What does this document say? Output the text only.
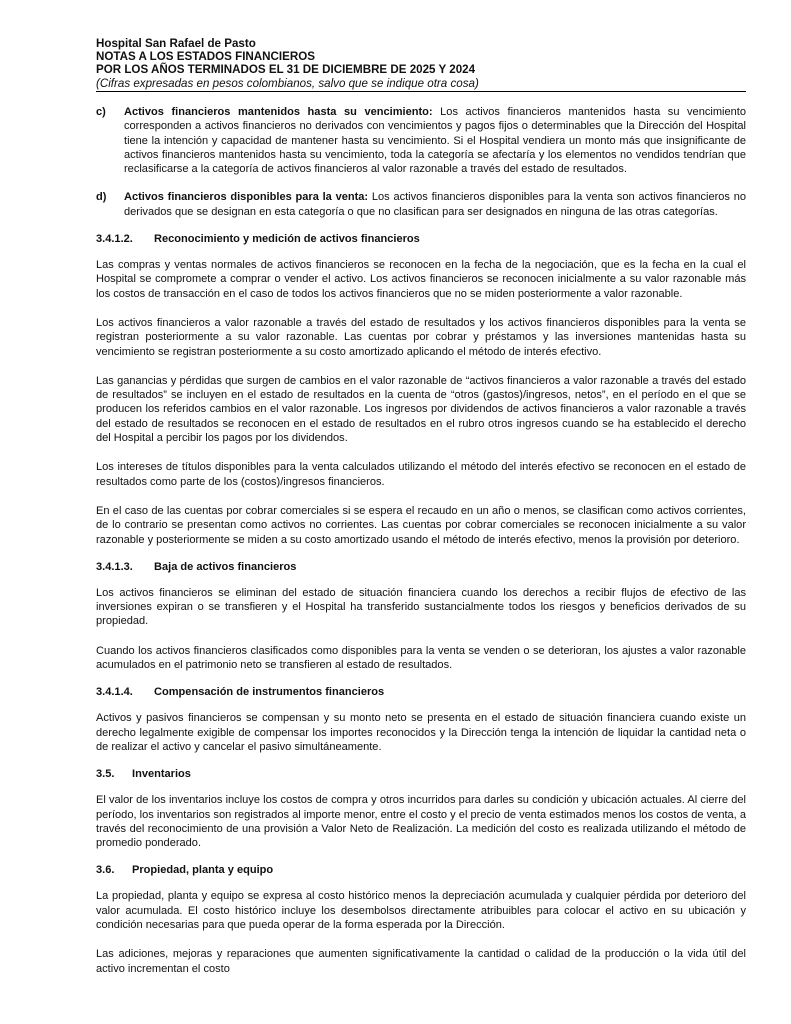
Hospital San Rafael de Pasto
NOTAS A LOS ESTADOS FINANCIEROS
POR LOS AÑOS TERMINADOS EL 31 DE DICIEMBRE DE 2025 Y 2024
(Cifras expresadas en pesos colombianos, salvo que se indique otra cosa)
c)	Activos financieros mantenidos hasta su vencimiento: Los activos financieros mantenidos hasta su vencimiento corresponden a activos financieros no derivados con vencimientos y pagos fijos o determinables que la Dirección del Hospital tiene la intención y capacidad de mantener hasta su vencimiento. Si el Hospital vendiera un monto más que insignificante de activos financieros mantenidos hasta su vencimiento, toda la categoría se afectaría y los elementos no vendidos tendrían que reclasificarse a la categoría de activos financieros al valor razonable a través del estado de resultados.
d)	Activos financieros disponibles para la venta: Los activos financieros disponibles para la venta son activos financieros no derivados que se designan en esta categoría o que no clasifican para ser designados en ninguna de las otras categorías.
3.4.1.2.	Reconocimiento y medición de activos financieros

Las compras y ventas normales de activos financieros se reconocen en la fecha de la negociación, que es la fecha en la cual el Hospital se compromete a comprar o vender el activo. Los activos financieros se reconocen inicialmente a su valor razonable más los costos de transacción en el caso de todos los activos financieros que no se miden posteriormente a valor razonable.

Los activos financieros a valor razonable a través del estado de resultados y los activos financieros disponibles para la venta se registran posteriormente a su valor razonable. Las cuentas por cobrar y préstamos y las inversiones mantenidas hasta su vencimiento se registran posteriormente a su costo amortizado aplicando el método de interés efectivo.

Las ganancias y pérdidas que surgen de cambios en el valor razonable de “activos financieros a valor razonable a través del estado de resultados” se incluyen en el estado de resultados en la cuenta de “otros (gastos)/ingresos, netos”, en el período en el que se producen los referidos cambios en el valor razonable. Los ingresos por dividendos de activos financieros a valor razonable a través del estado de resultados se reconocen en el estado de resultados en el rubro otros ingresos cuando se ha establecido el derecho del Hospital a percibir los pagos por los dividendos.

Los intereses de títulos disponibles para la venta calculados utilizando el método del interés efectivo se reconocen en el estado de resultados como parte de los (costos)/ingresos financieros.

En el caso de las cuentas por cobrar comerciales si se espera el recaudo en un año o menos, se clasifican como activos corrientes, de lo contrario se presentan como activos no corrientes. Las cuentas por cobrar comerciales se reconocen inicialmente a su valor razonable y posteriormente se miden a su costo amortizado usando el método de interés efectivo, menos la provisión por deterioro.

3.4.1.3.	Baja de activos financieros

Los activos financieros se eliminan del estado de situación financiera cuando los derechos a recibir flujos de efectivo de las inversiones expiran o se transfieren y el Hospital ha transferido sustancialmente todos los riesgos y beneficios derivados de su propiedad.

Cuando los activos financieros clasificados como disponibles para la venta se venden o se deterioran, los ajustes a valor razonable acumulados en el patrimonio neto se transfieren al estado de resultados.

3.4.1.4.	Compensación de instrumentos financieros

Activos y pasivos financieros se compensan y su monto neto se presenta en el estado de situación financiera cuando existe un derecho legalmente exigible de compensar los importes reconocidos y la Dirección tenga la intención de liquidar la cantidad neta o de realizar el activo y cancelar el pasivo simultáneamente.

3.5.	Inventarios

El valor de los inventarios incluye los costos de compra y otros incurridos para darles su condición y ubicación actuales. Al cierre del período, los inventarios son registrados al importe menor, entre el costo y el precio de venta estimados menos los costos de venta, a través del reconocimiento de una provisión a Valor Neto de Realización. La medición del costo es realizada utilizando el método de promedio ponderado.

3.6.	Propiedad, planta y equipo

La propiedad, planta y equipo se expresa al costo histórico menos la depreciación acumulada y cualquier pérdida por deterioro del valor acumulada. El costo histórico incluye los desembolsos directamente atribuibles para colocar el activo en su ubicación y condición necesarias para que pueda operar de la forma esperada por la Dirección.

Las adiciones, mejoras y reparaciones que aumenten significativamente la cantidad o calidad de la producción o la vida útil del activo incrementan el costo
